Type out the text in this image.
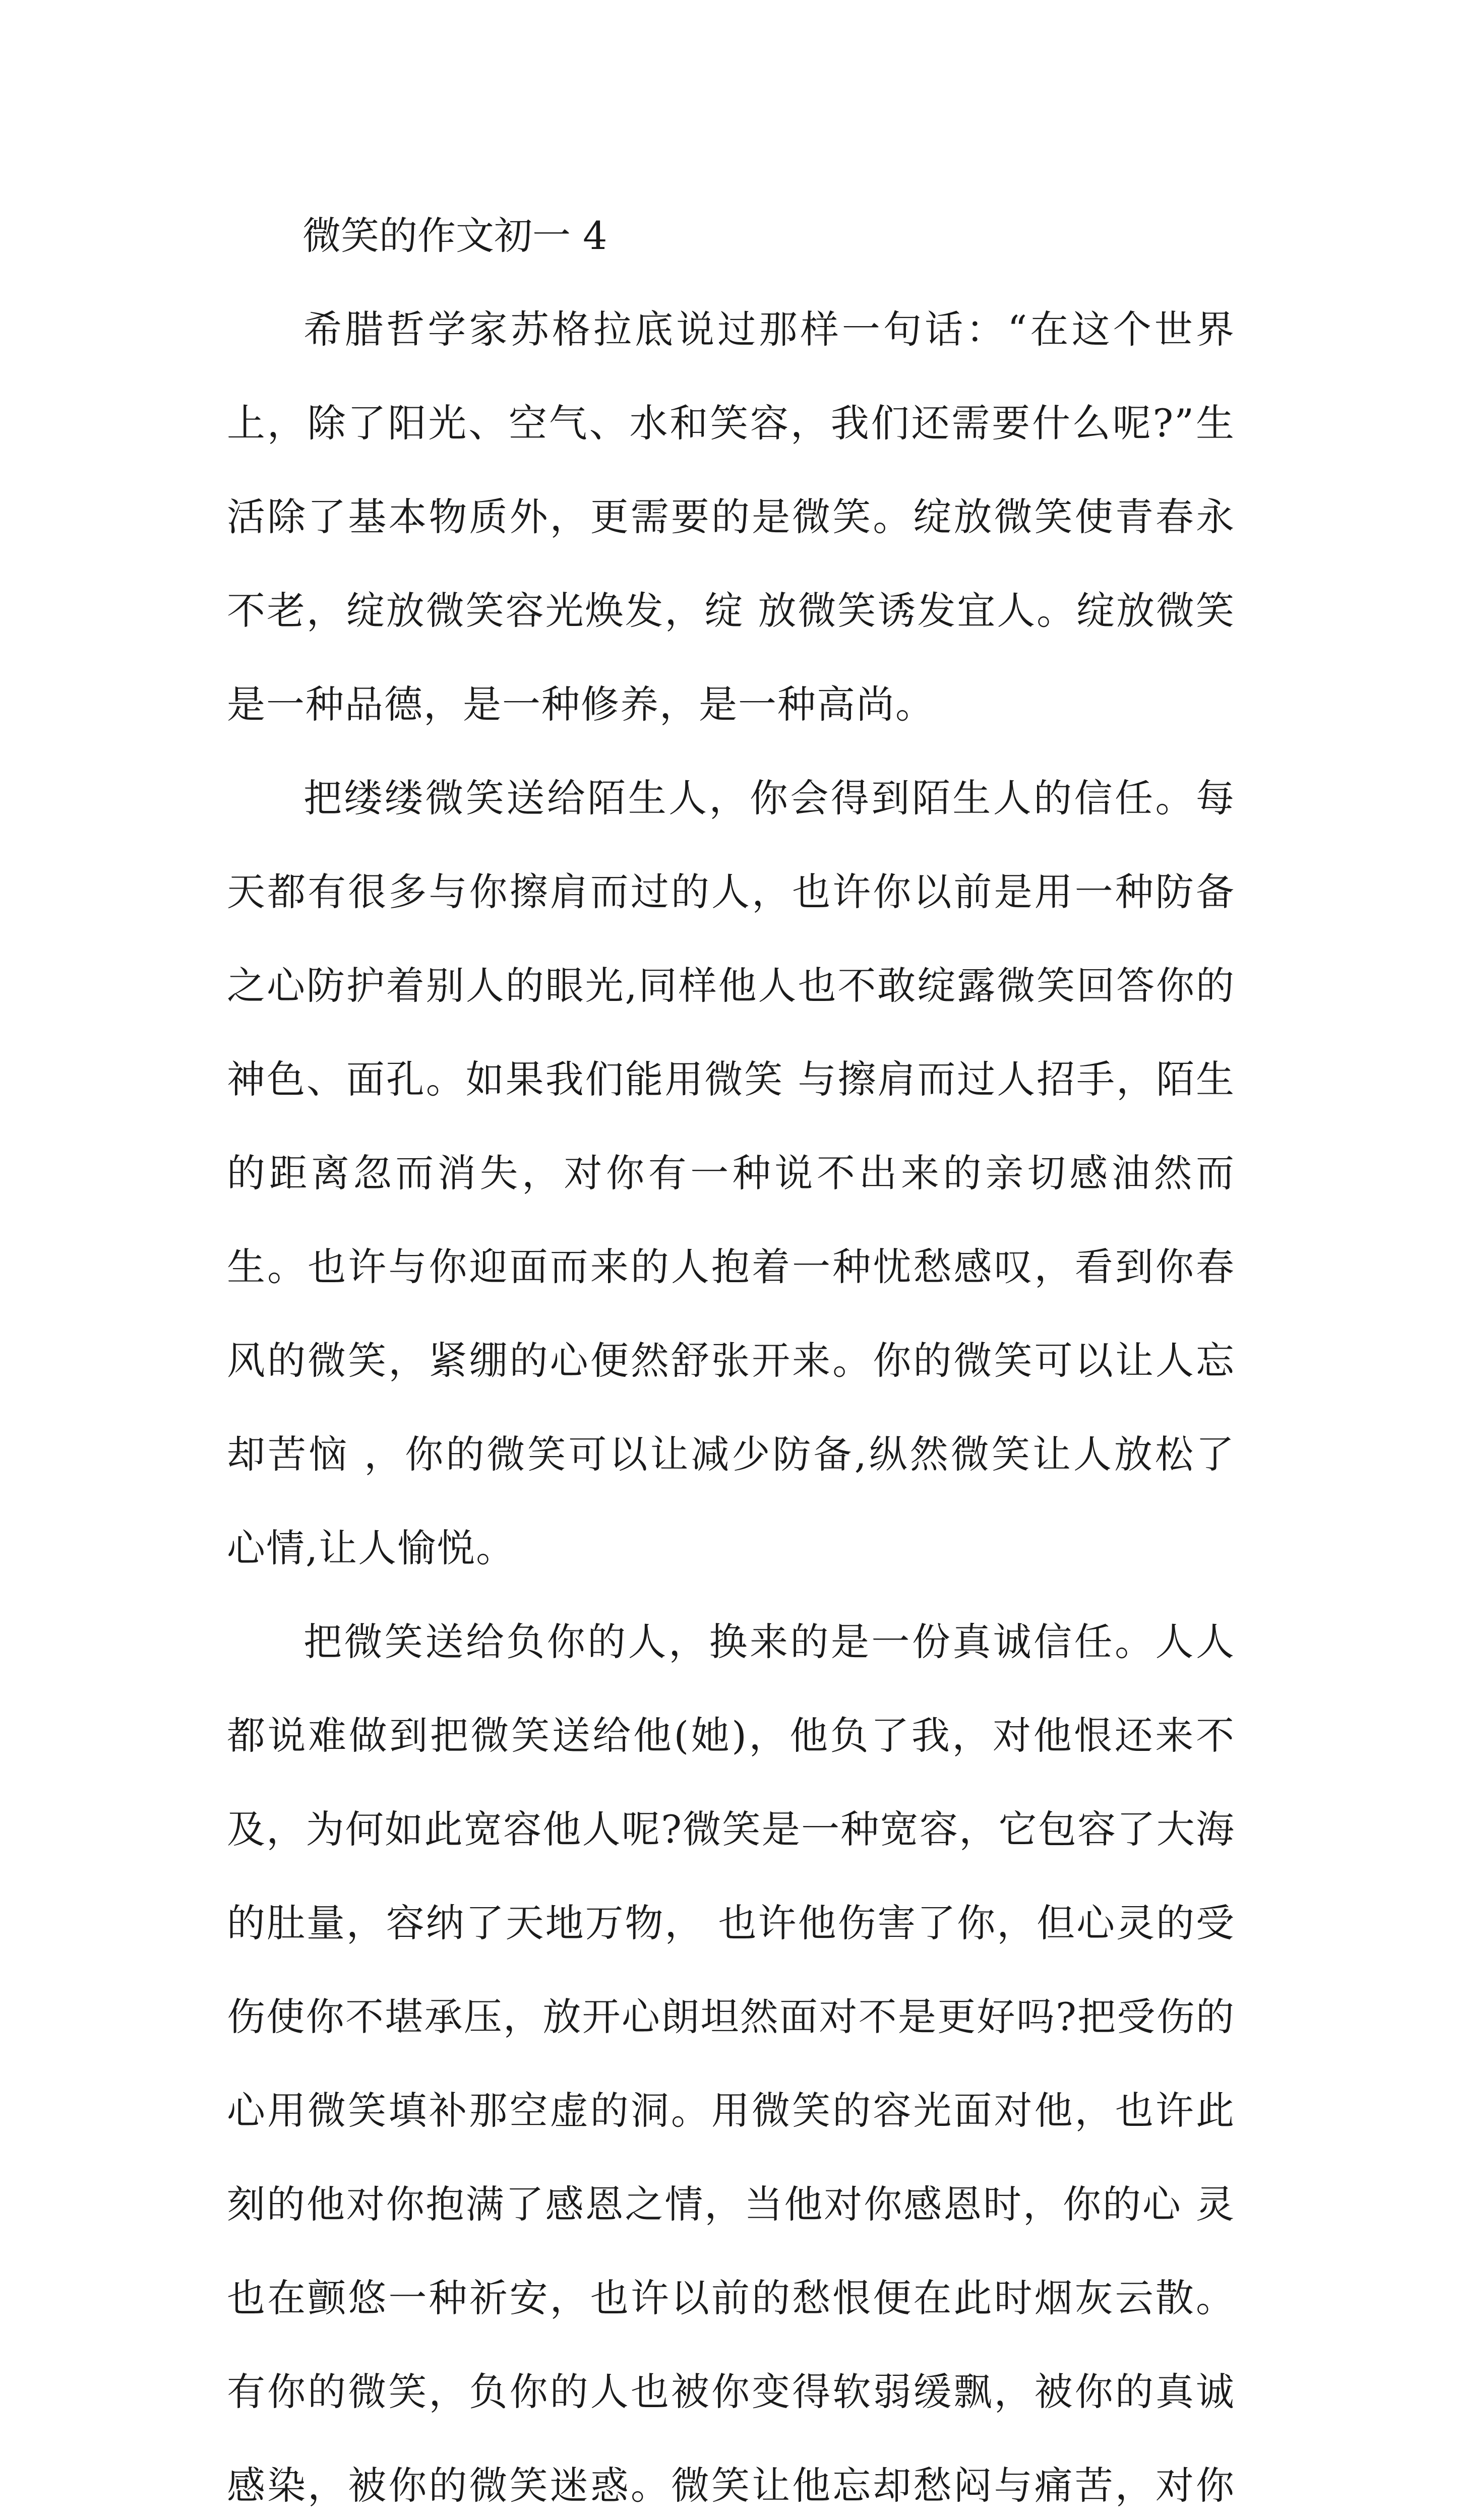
微笑的作文初一 4

希腊哲学家苏格拉底说过那样一句话：“在这个世界上，除了阳光、空气、水和笑容，我们还需要什么呢?”生活除了基本物质外，更需要的是微笑。绽放微笑使青春永不老，绽放微笑容光焕发，绽 放微笑诱发宜人。绽放微笑是一种品德，是一种修养，是一种高尚。

把缕缕微笑送给陌生人，你会得到陌生人的信任。每天都有很多与你擦肩而过的人，也许你以前是用一种防备之心防护着别人的眼光,同样他人也不敢绽露微笑回答你的神色、面孔。如果我们能用微笑 与擦肩而过人招手，陌生的距离忽而消失，对你有一种说不出来的亲切感油然而生。也许与你迎面而来的人抱着一种忧愁感叹，看到你春风的微笑，紧绷的心便然舒张开来。你的微笑可以让人忘却苦恼 ，你的微笑可以让减少防备,纵然微笑让人放松了心情,让人愉悦。

把微笑送给负你的人，换来的是一份真诚信任。人人都说难做到把微笑送给他(她)，他负了我，对他恨还来不及，为何如此宽容他人呢?微笑是一种宽容，它包容了大海的肚量，容纳了天地万物， 也许他伤害了你，但心灵的受伤使你不堪承压，放开心朗坦然面对不是更好吗?把受伤的心用微笑填补那空虚的洞。用微笑的容光面对他，也许此刻的他对你抱满了感恩之情，当他对你感恩时，你的心 灵也在颤悠一种祈安，也许以前的愁恨便在此时烟灰云散。有你的微笑，负你的人也被你变得软弱缓飘，被你的真诚感染，被你的微笑迷惑。微笑让他忘却愁闷与痛苦，对你
